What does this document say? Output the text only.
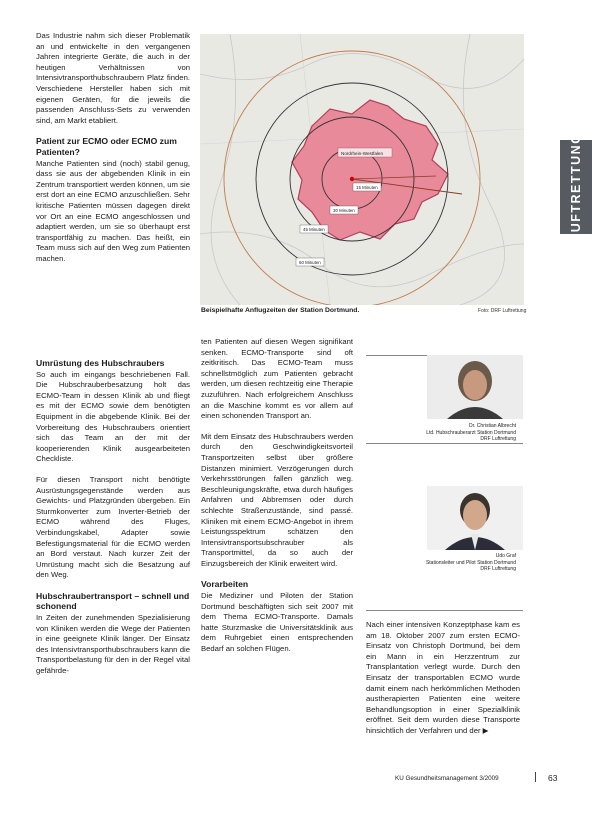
LUFTRETTUNG

Das Industrie nahm sich dieser Problematik an und entwickelte in den vergangenen Jahren integrierte Geräte, die auch in der heutigen Verhältnissen von Intensivtransporthubschraubern Platz finden. Verschiedene Hersteller haben sich mit eigenen Geräten, für die jeweils die passenden Anschluss-Sets zu verwenden sind, am Markt etabliert.

Patient zur ECMO oder ECMO zum Patienten?

Manche Patienten sind (noch) stabil genug, dass sie aus der abgebenden Klinik in ein Zentrum transportiert werden können, um sie erst dort an eine ECMO anzuschließen. Sehr kritische Patienten müssen dagegen direkt vor Ort an eine ECMO angeschlossen und adaptiert werden, um sie so überhaupt erst transportfähig zu machen. Das heißt, ein Team muss sich auf den Weg zum Patienten machen.

Nordrhein-Westfalen
15 Minuten
30 Minuten
45 Minuten
60 Minuten
Beispielhafte Anflugzeiten der Station Dortmund.	Foto: DRF Luftrettung
Umrüstung des Hubschraubers

So auch im eingangs beschriebenen Fall. Die Hubschrauberbesatzung holt das ECMO-Team in dessen Klinik ab und fliegt es mit der ECMO sowie dem benötigten Equipment in die abgebende Klinik. Bei der Vorbereitung des Hubschraubers orientiert sich das Team an der mit der kooperierenden Klinik ausgearbeiteten Checkliste.

Für diesen Transport nicht benötigte Ausrüstungsgegenstände werden aus Gewichts- und Platzgründen übergeben. Ein Sturmkonverter zum Inverter-Betrieb der ECMO während des Fluges, Verbindungskabel, Adapter sowie Befestigungsmaterial für die ECMO werden an Bord verstaut. Nach kurzer Zeit der Umrüstung macht sich die Besatzung auf den Weg.

Hubschraubertransport – schnell und schonend

In Zeiten der zunehmenden Spezialisierung von Kliniken werden die Wege der Patienten in eine geeignete Klinik länger. Der Einsatz des Intensivtransporthubschraubers kann die Transportbelastung für den in der Regel vital gefährde-

ten Patienten auf diesen Wegen signifikant senken. ECMO-Transporte sind oft zeitkritisch. Das ECMO-Team muss schnellstmöglich zum Patienten gebracht werden, um diesen rechtzeitig eine Therapie zuzuführen. Nach erfolgreichem Anschluss an die Maschine kommt es vor allem auf einen schonenden Transport an.

Mit dem Einsatz des Hubschraubers werden durch den Geschwindigkeitsvorteil Transportzeiten selbst über größere Distanzen minimiert. Verzögerungen durch Verkehrsstörungen fallen gänzlich weg. Beschleunigungskräfte, etwa durch häufiges Anfahren und Abbremsen oder durch schlechte Straßenzustände, sind passé. Kliniken mit einem ECMO-Angebot in ihrem Leistungsspektrum schätzen den Intensivtransportsubschrauber als Transportmittel, da so auch der Einzugsbereich der Klinik erweitert wird.

Vorarbeiten

Die Mediziner und Piloten der Station Dortmund beschäftigten sich seit 2007 mit dem Thema ECMO-Transporte. Damals hatte Sturzmaske die Universitätsklinik aus dem Ruhrgebiet einen entsprechenden Bedarf an solchen Flügen.

Dr. Christian Albrecht
Ltd. Hubschrauberarzt Station Dortmund
DRF Luftrettung
Udo Graf
Stationsleiter und Pilot Station Dortmund
DRF Luftrettung

Nach einer intensiven Konzeptphase kam es am 18. Oktober 2007 zum ersten ECMO-Einsatz von Christoph Dortmund, bei dem ein Mann in ein Herzzentrum zur Transplantation verlegt wurde. Durch den Einsatz der transportablen ECMO wurde damit einem nach herkömmlichen Methoden austherapierten Patienten eine weitere Behandlungsoption in einer Spezialklinik eröffnet. Seit dem wurden diese Transporte hinsichtlich der Verfahren und der ▶

KU Gesundheitsmanagement 3/2009	63
